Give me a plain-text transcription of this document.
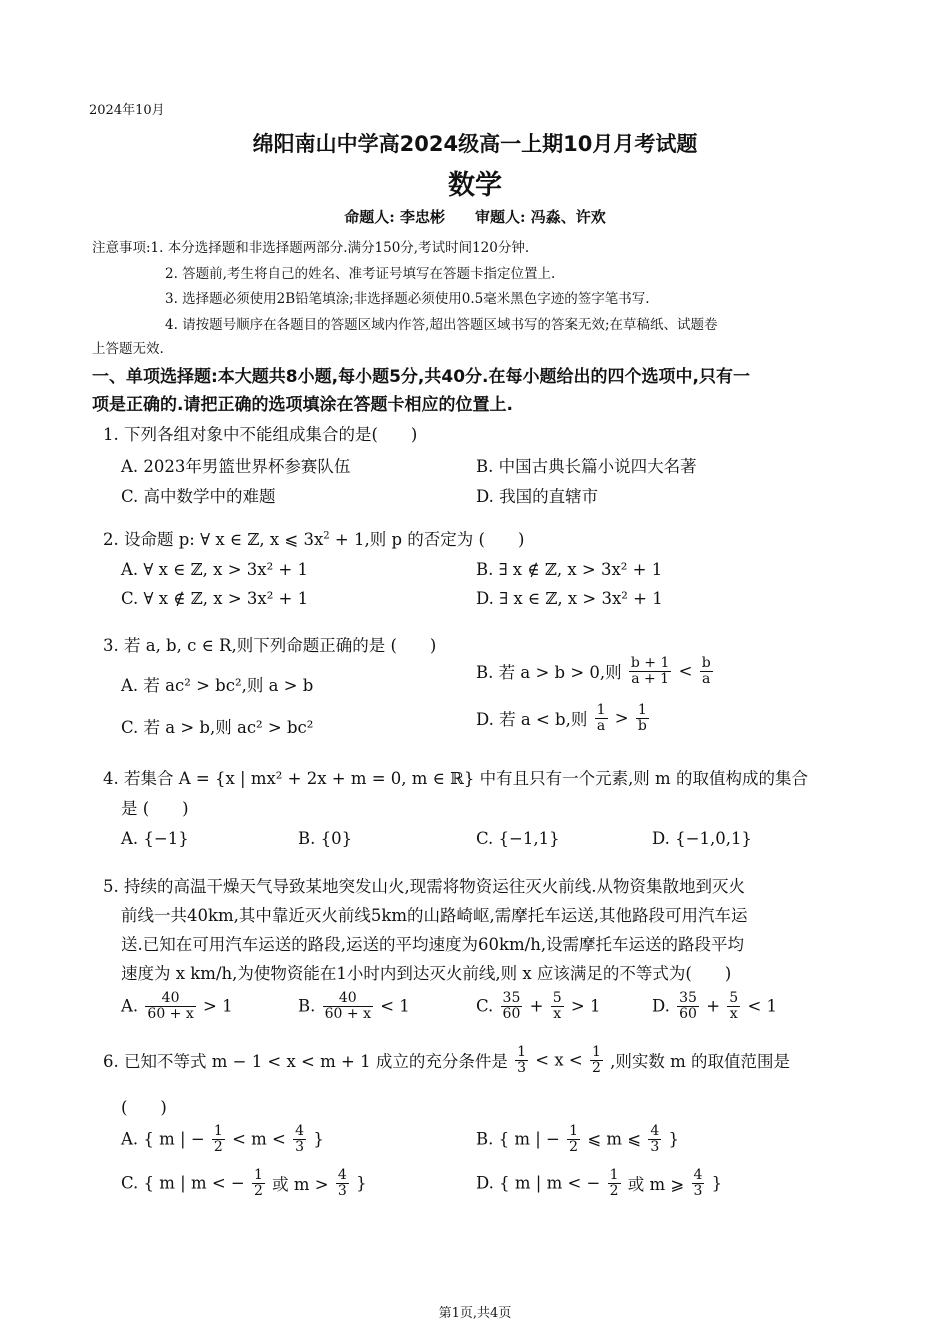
2024年10月
绵阳南山中学高2024级高一上期10月月考试题
数学
命题人: 李忠彬　　审题人: 冯淼、许欢
注意事项:1. 本分选择题和非选择题两部分.满分150分,考试时间120分钟.
2. 答题前,考生将自己的姓名、准考证号填写在答题卡指定位置上.
3. 选择题必须使用2B铅笔填涂;非选择题必须使用0.5毫米黑色字迹的签字笔书写.
4. 请按题号顺序在各题目的答题区域内作答,超出答题区域书写的答案无效;在草稿纸、试题卷
上答题无效.
一、单项选择题:本大题共8小题,每小题5分,共40分.在每小题给出的四个选项中,只有一
项是正确的.请把正确的选项填涂在答题卡相应的位置上.
1. 下列各组对象中不能组成集合的是(　　)
A. 2023年男篮世界杯参赛队伍	B. 中国古典长篇小说四大名著
C. 高中数学中的难题	D. 我国的直辖市
2. 设命题 p: ∀ x ∈ ℤ, x ⩽ $3x^2 + 1$,则 p 的否定为 (　　)
A. ∀ x ∈ ℤ, x > 3x² + 1	B. ∃ x ∉ ℤ, x > 3x² + 1
C. ∀ x ∉ ℤ, x > 3x² + 1	D. ∃ x ∈ ℤ, x > 3x² + 1
3. 若 a, b, c ∈ R,则下列命题正确的是 (　　)
A. 若 ac² > bc²,则 a > b
B. 若 a > b > 0,则 $\frac{b + 1}{a + 1} < \frac{b}{a}$
C. 若 a > b,则 ac² > bc²	D. 若 a < b,则 $\frac{1}{a} > \frac{1}{b}$
4. 若集合 A = {x | mx² + 2x + m = 0, m ∈ ℝ} 中有且只有一个元素,则 m 的取值构成的集合
是 (　　)
A. {−1}	B. {0}	C. {−1,1}	D. {−1,0,1}
5. 持续的高温干燥天气导致某地突发山火,现需将物资运往灭火前线.从物资集散地到灭火
前线一共40km,其中靠近灭火前线5km的山路崎岖,需摩托车运送,其他路段可用汽车运
送.已知在可用汽车运送的路段,运送的平均速度为60km/h,设需摩托车运送的路段平均
速度为 x km/h,为使物资能在1小时内到达灭火前线,则 x 应该满足的不等式为(　　)
A. $\frac{40}{60 + x} > 1$	B. $\frac{40}{60 + x} < 1$	C. $\frac{35}{60} + \frac{5}{x} > 1$	D. $\frac{35}{60} + \frac{5}{x} < 1$
6. 已知不等式 m − 1 < x < m + 1 成立的充分条件是 $\frac{1}{3} < x < \frac{1}{2}$ ,则实数 m 的取值范围是
(　　)
A. { m | − $\frac{1}{2} < m < \frac{4}{3}$ }	B. { m | − $\frac{1}{2}$ ⩽ m ⩽ $\frac{4}{3}$ }
C. { m | m < − $\frac{1}{2}$ 或 $m > \frac{4}{3}$ }	D. { m | m < − $\frac{1}{2}$ 或 m ⩾ $\frac{4}{3}$ }
第1页,共4页
